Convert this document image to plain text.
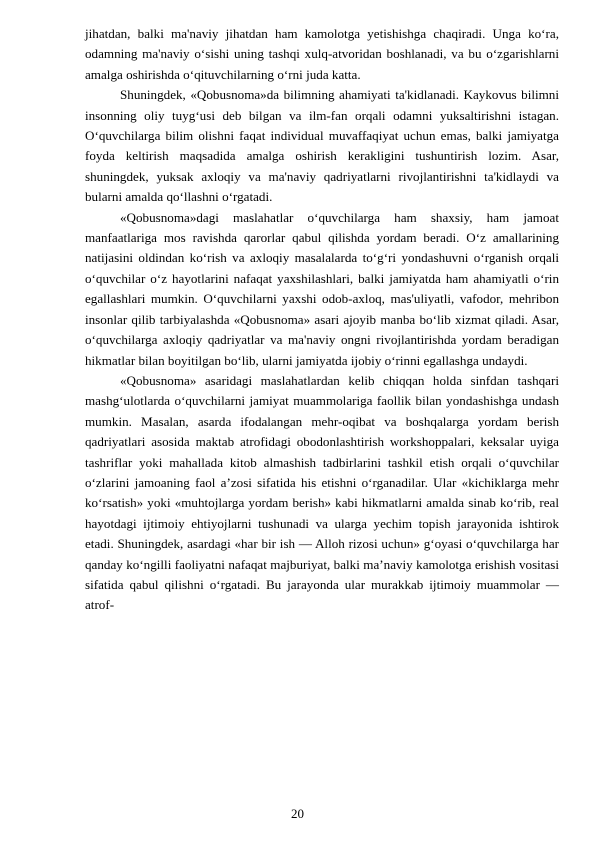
jihatdan, balki ma'naviy jihatdan ham kamolotga yetishishga chaqiradi. Unga ko‘ra, odamning ma'naviy o‘sishi uning tashqi xulq-atvoridan boshlanadi, va bu o‘zgarishlarni amalga oshirishda o‘qituvchilarning o‘rni juda katta.

Shuningdek, «Qobusnoma»da bilimning ahamiyati ta'kidlanadi. Kaykovus bilimni insonning oliy tuyg‘usi deb bilgan va ilm-fan orqali odamni yuksaltirishni istagan. O‘quvchilarga bilim olishni faqat individual muvaffaqiyat uchun emas, balki jamiyatga foyda keltirish maqsadida amalga oshirish kerakligini tushuntirish lozim. Asar, shuningdek, yuksak axloqiy va ma'naviy qadriyatlarni rivojlantirishni ta'kidlaydi va bularni amalda qo‘llashni o‘rgatadi.

«Qobusnoma»dagi maslahatlar o‘quvchilarga ham shaxsiy, ham jamoat manfaatlariga mos ravishda qarorlar qabul qilishda yordam beradi. O‘z amallarining natijasini oldindan ko‘rish va axloqiy masalalarda to‘g‘ri yondashuvni o‘rganish orqali o‘quvchilar o‘z hayotlarini nafaqat yaxshilashlari, balki jamiyatda ham ahamiyatli o‘rin egallashlari mumkin. O‘quvchilarni yaxshi odob-axloq, mas'uliyatli, vafodor, mehribon insonlar qilib tarbiyalashda «Qobusnoma» asari ajoyib manba bo‘lib xizmat qiladi. Asar, o‘quvchilarga axloqiy qadriyatlar va ma'naviy ongni rivojlantirishda yordam beradigan hikmatlar bilan boyitilgan bo‘lib, ularni jamiyatda ijobiy o‘rinni egallashga undaydi.

«Qobusnoma» asaridagi maslahatlardan kelib chiqqan holda sinfdan tashqari mashg‘ulotlarda o‘quvchilarni jamiyat muammolariga faollik bilan yondashishga undash mumkin. Masalan, asarda ifodalangan mehr-oqibat va boshqalarga yordam berish qadriyatlari asosida maktab atrofidagi obodonlashtirish workshoppalari, keksalar uyiga tashriflar yoki mahallada kitob almashish tadbirlarini tashkil etish orqali o‘quvchilar o‘zlarini jamoaning faol a’zosi sifatida his etishni o‘rganadilar. Ular «kichiklarga mehr ko‘rsatish» yoki «muhtojlarga yordam berish» kabi hikmatlarni amalda sinab ko‘rib, real hayotdagi ijtimoiy ehtiyojlarni tushunadi va ularga yechim topish jarayonida ishtirok etadi. Shuningdek, asardagi «har bir ish — Alloh rizosi uchun» g‘oyasi o‘quvchilarga har qanday ko‘ngilli faoliyatni nafaqat majburiyat, balki ma’naviy kamolotga erishish vositasi sifatida qabul qilishni o‘rgatadi. Bu jarayonda ular murakkab ijtimoiy muammolar — atrof-

20
